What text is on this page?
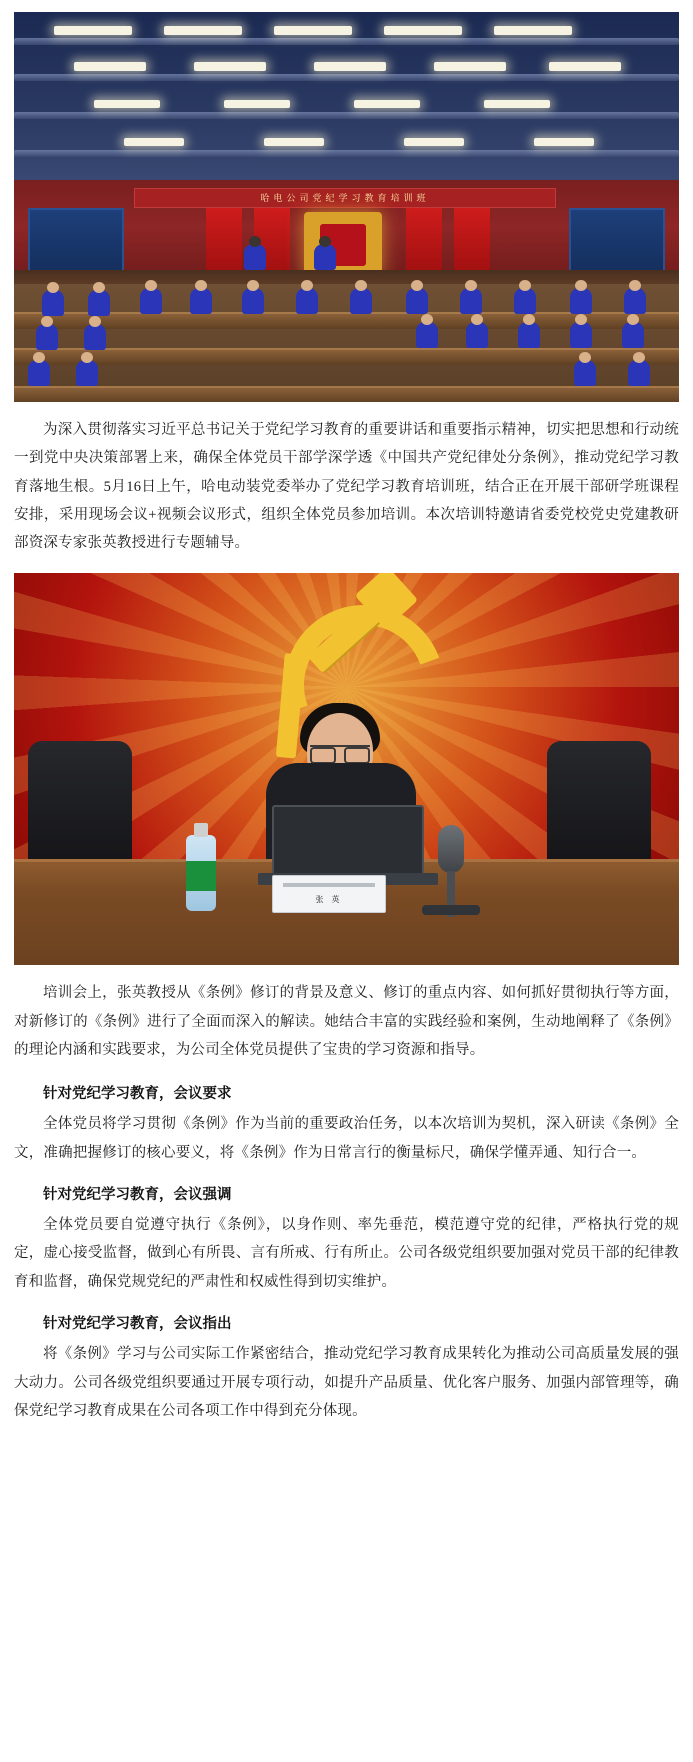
哈电公司党纪学习教育培训班

为深入贯彻落实习近平总书记关于党纪学习教育的重要讲话和重要指示精神，切实把思想和行动统一到党中央决策部署上来，确保全体党员干部学深学透《中国共产党纪律处分条例》，推动党纪学习教育落地生根。5月16日上午，哈电动装党委举办了党纪学习教育培训班，结合正在开展干部研学班课程安排，采用现场会议+视频会议形式，组织全体党员参加培训。本次培训特邀请省委党校党史党建教研部资深专家张英教授进行专题辅导。

张 英

培训会上，张英教授从《条例》修订的背景及意义、修订的重点内容、如何抓好贯彻执行等方面，对新修订的《条例》进行了全面而深入的解读。她结合丰富的实践经验和案例，生动地阐释了《条例》的理论内涵和实践要求，为公司全体党员提供了宝贵的学习资源和指导。

针对党纪学习教育，会议要求

全体党员将学习贯彻《条例》作为当前的重要政治任务，以本次培训为契机，深入研读《条例》全文，准确把握修订的核心要义，将《条例》作为日常言行的衡量标尺，确保学懂弄通、知行合一。

针对党纪学习教育，会议强调

全体党员要自觉遵守执行《条例》，以身作则、率先垂范，模范遵守党的纪律，严格执行党的规定，虚心接受监督，做到心有所畏、言有所戒、行有所止。公司各级党组织要加强对党员干部的纪律教育和监督，确保党规党纪的严肃性和权威性得到切实维护。

针对党纪学习教育，会议指出

将《条例》学习与公司实际工作紧密结合，推动党纪学习教育成果转化为推动公司高质量发展的强大动力。公司各级党组织要通过开展专项行动，如提升产品质量、优化客户服务、加强内部管理等，确保党纪学习教育成果在公司各项工作中得到充分体现。
